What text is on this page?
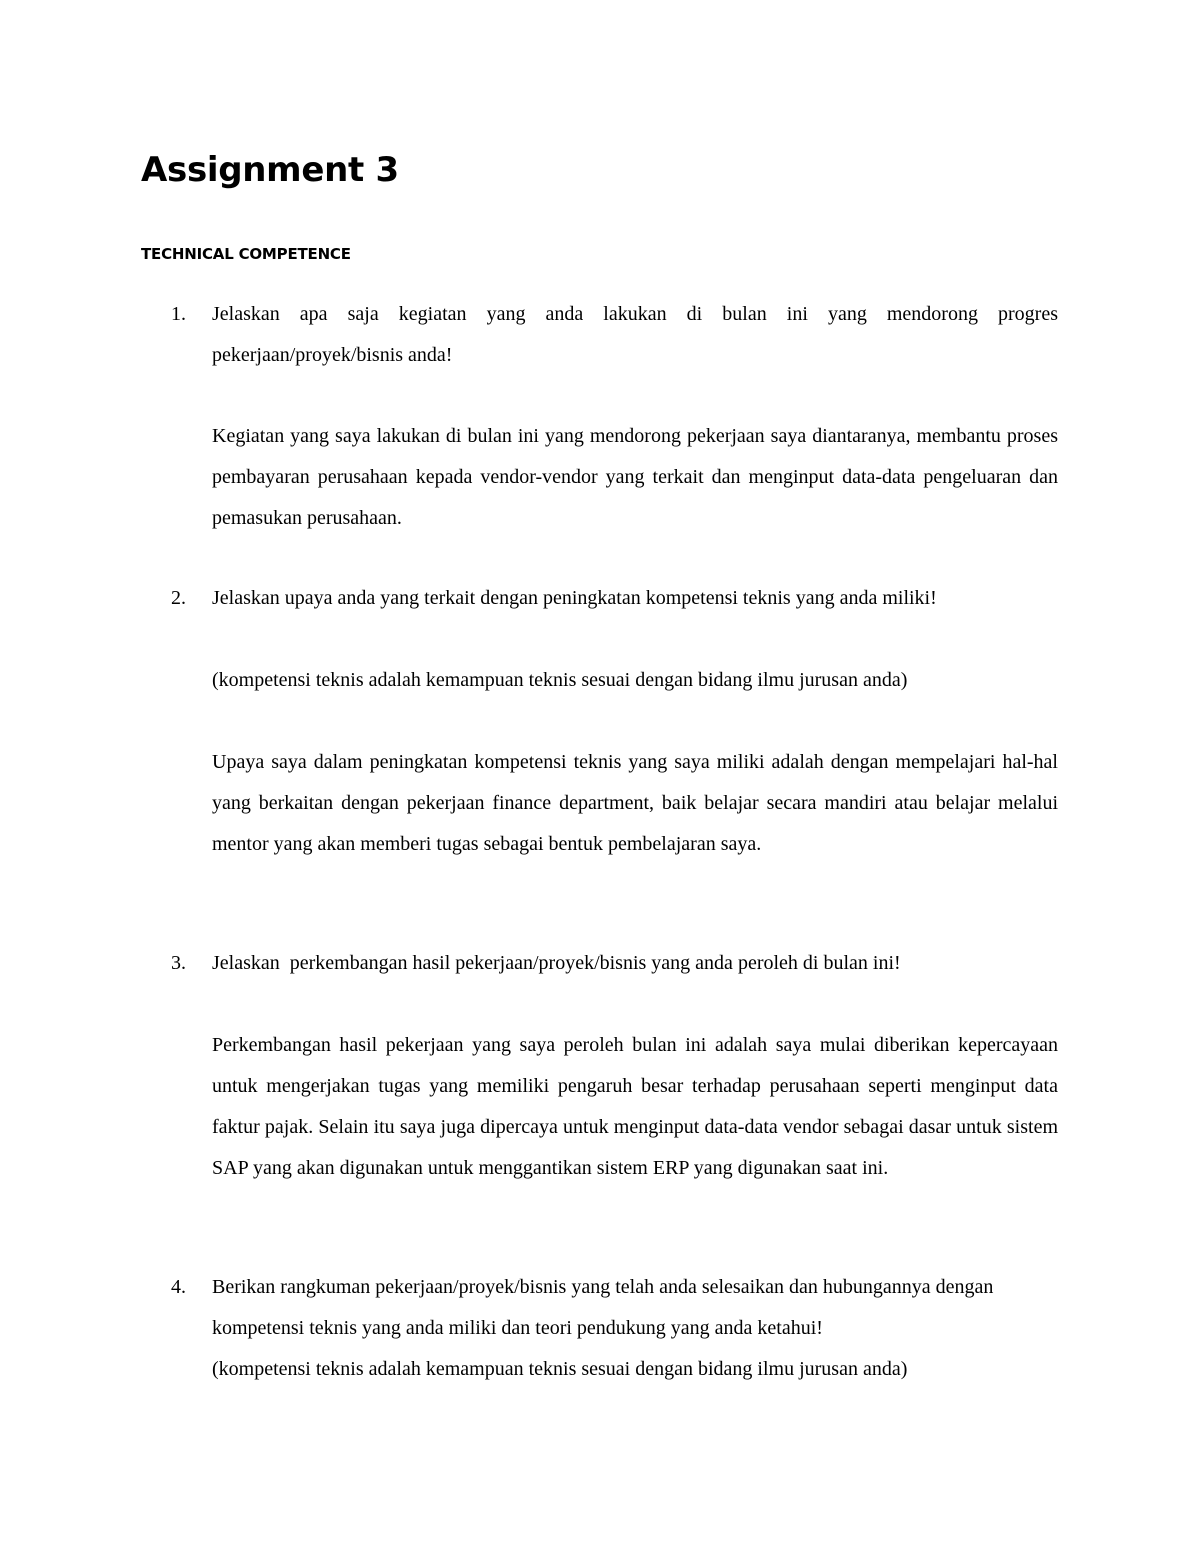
Assignment 3
TECHNICAL COMPETENCE
1. Jelaskan apa saja kegiatan yang anda lakukan di bulan ini yang mendorong progres pekerjaan/proyek/bisnis anda!

Kegiatan yang saya lakukan di bulan ini yang mendorong pekerjaan saya diantaranya, membantu proses pembayaran perusahaan kepada vendor-vendor yang terkait dan menginput data-data pengeluaran dan pemasukan perusahaan.

2. Jelaskan upaya anda yang terkait dengan peningkatan kompetensi teknis yang anda miliki!

(kompetensi teknis adalah kemampuan teknis sesuai dengan bidang ilmu jurusan anda)

Upaya saya dalam peningkatan kompetensi teknis yang saya miliki adalah dengan mempelajari hal-hal yang berkaitan dengan pekerjaan finance department, baik belajar secara mandiri atau belajar melalui mentor yang akan memberi tugas sebagai bentuk pembelajaran saya.

3. Jelaskan  perkembangan hasil pekerjaan/proyek/bisnis yang anda peroleh di bulan ini!

Perkembangan hasil pekerjaan yang saya peroleh bulan ini adalah saya mulai diberikan kepercayaan untuk mengerjakan tugas yang memiliki pengaruh besar terhadap perusahaan seperti menginput data faktur pajak. Selain itu saya juga dipercaya untuk menginput data-data vendor sebagai dasar untuk sistem SAP yang akan digunakan untuk menggantikan sistem ERP yang digunakan saat ini.

4. Berikan rangkuman pekerjaan/proyek/bisnis yang telah anda selesaikan dan hubungannya dengan kompetensi teknis yang anda miliki dan teori pendukung yang anda ketahui!

(kompetensi teknis adalah kemampuan teknis sesuai dengan bidang ilmu jurusan anda)
